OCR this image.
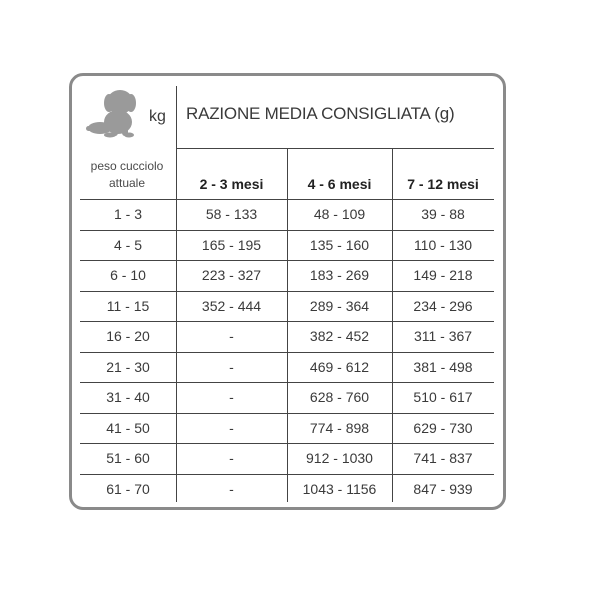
kg RAZIONE MEDIA CONSIGLIATA (g)
peso cucciolo
attuale	2 - 3 mesi	4 - 6 mesi	7 - 12 mesi
1 - 3	58 - 133	48 - 109	39 - 88
4 - 5	165 - 195	135 - 160	110 - 130
6 - 10	223 - 327	183 - 269	149 - 218
11 - 15	352 - 444	289 - 364	234 - 296
16 - 20	-	382 - 452	311 - 367
21 - 30	-	469 - 612	381 - 498
31 - 40	-	628 - 760	510 - 617
41 - 50	-	774 - 898	629 - 730
51 - 60	-	912 - 1030	741 - 837
61 - 70	-	1043 - 1156	847 - 939
